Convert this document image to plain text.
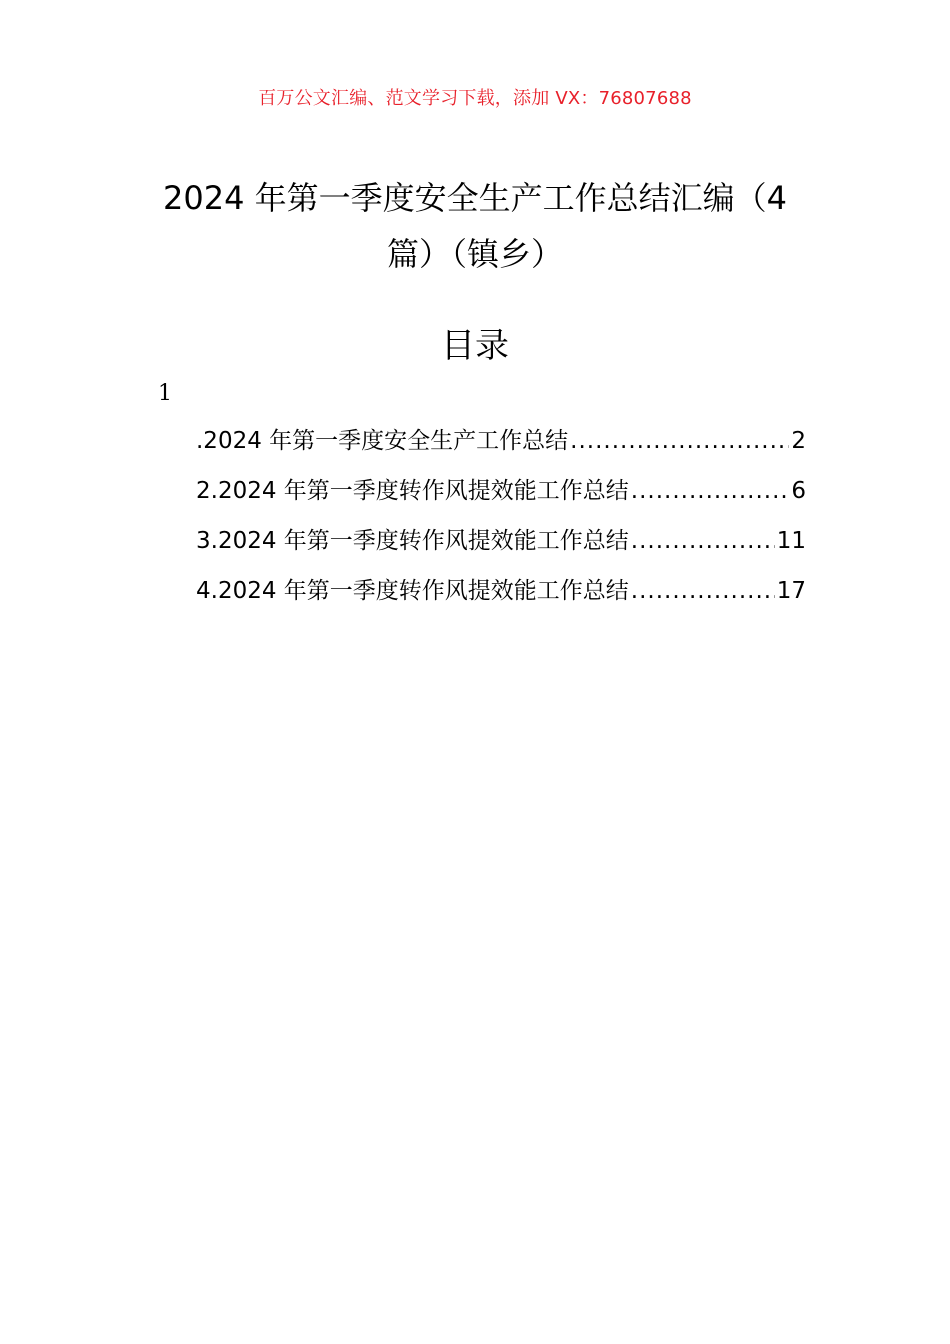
百万公文汇编、范文学习下载，添加 VX：76807688
2024 年第一季度安全生产工作总结汇编（4
篇）（镇乡）
目录
1
.2024 年第一季度安全生产工作总结 .....	2
2.2024 年第一季度转作风提效能工作总结 .....	6
3.2024 年第一季度转作风提效能工作总结 .....	11
4.2024 年第一季度转作风提效能工作总结 .....	17
